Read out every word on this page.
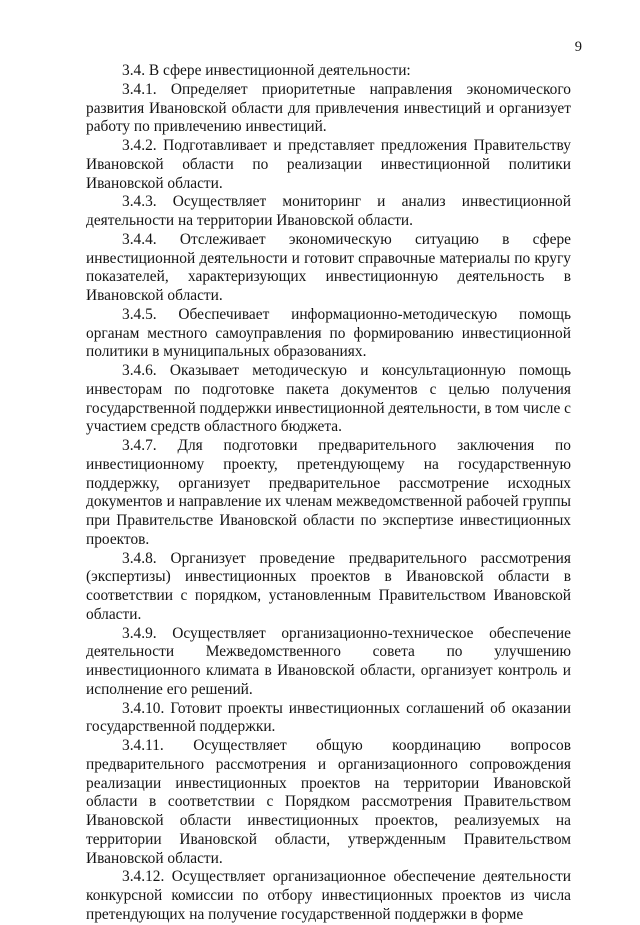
9

3.4. В сфере инвестиционной деятельности:

3.4.1. Определяет приоритетные направления экономического развития Ивановской области для привлечения инвестиций и организует работу по привлечению инвестиций.

3.4.2. Подготавливает и представляет предложения Правительству Ивановской области по реализации инвестиционной политики Ивановской области.

3.4.3. Осуществляет мониторинг и анализ инвестиционной деятельности на территории Ивановской области.

3.4.4. Отслеживает экономическую ситуацию в сфере инвестиционной деятельности и готовит справочные материалы по кругу показателей, характеризующих инвестиционную деятельность в Ивановской области.

3.4.5. Обеспечивает информационно-методическую помощь органам местного самоуправления по формированию инвестиционной политики в муниципальных образованиях.

3.4.6. Оказывает методическую и консультационную помощь инвесторам по подготовке пакета документов с целью получения государственной поддержки инвестиционной деятельности, в том числе с участием средств областного бюджета.

3.4.7. Для подготовки предварительного заключения по инвестиционному проекту, претендующему на государственную поддержку, организует предварительное рассмотрение исходных документов и направление их членам межведомственной рабочей группы при Правительстве Ивановской области по экспертизе инвестиционных проектов.

3.4.8. Организует проведение предварительного рассмотрения (экспертизы) инвестиционных проектов в Ивановской области в соответствии с порядком, установленным Правительством Ивановской области.

3.4.9. Осуществляет организационно-техническое обеспечение деятельности Межведомственного совета по улучшению инвестиционного климата в Ивановской области, организует контроль и исполнение его решений.

3.4.10. Готовит проекты инвестиционных соглашений об оказании государственной поддержки.

3.4.11. Осуществляет общую координацию вопросов предварительного рассмотрения и организационного сопровождения реализации инвестиционных проектов на территории Ивановской области в соответствии с Порядком рассмотрения Правительством Ивановской области инвестиционных проектов, реализуемых на территории Ивановской области, утвержденным Правительством Ивановской области.

3.4.12. Осуществляет организационное обеспечение деятельности конкурсной комиссии по отбору инвестиционных проектов из числа претендующих на получение государственной поддержки в форме
